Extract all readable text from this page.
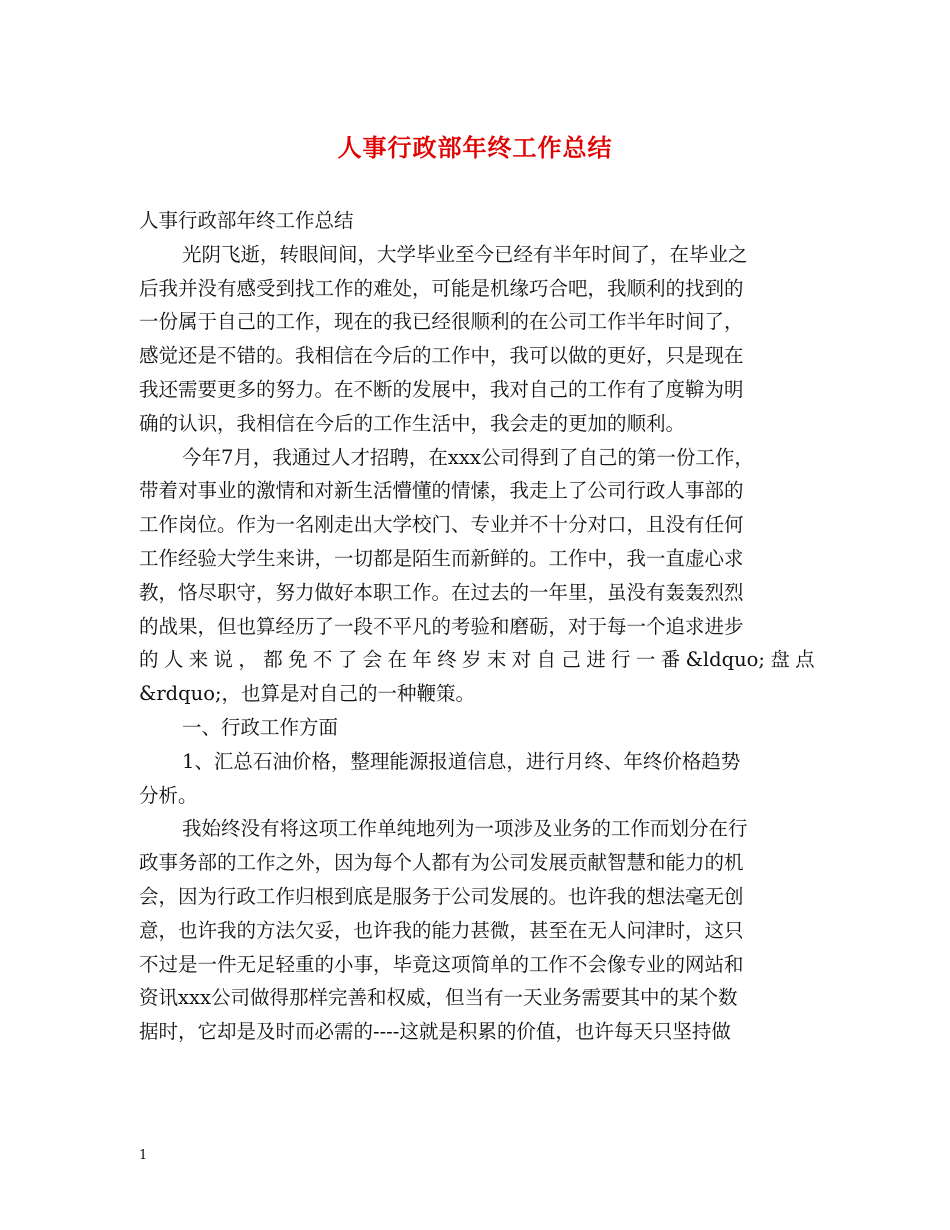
人事行政部年终工作总结
人事行政部年终工作总结
光阴飞逝，转眼间间，大学毕业至今已经有半年时间了，在毕业之
后我并没有感受到找工作的难处，可能是机缘巧合吧，我顺利的找到的
一份属于自己的工作，现在的我已经很顺利的在公司工作半年时间了，
感觉还是不错的。我相信在今后的工作中，我可以做的更好，只是现在
我还需要更多的努力。在不断的发展中，我对自己的工作有了度鞥为明
确的认识，我相信在今后的工作生活中，我会走的更加的顺利。
今年7月，我通过人才招聘，在xxx公司得到了自己的第一份工作，
带着对事业的激情和对新生活懵懂的情愫，我走上了公司行政人事部的
工作岗位。作为一名刚走出大学校门、专业并不十分对口，且没有任何
工作经验大学生来讲，一切都是陌生而新鲜的。工作中，我一直虚心求
教，恪尽职守，努力做好本职工作。在过去的一年里，虽没有轰轰烈烈
的战果，但也算经历了一段不平凡的考验和磨砺，对于每一个追求进步
的 人 来 说 ， 都 免 不 了 会 在 年 终 岁 末 对 自 己 进 行 一 番 &ldquo; 盘 点
&rdquo;，也算是对自己的一种鞭策。
一、行政工作方面
1、汇总石油价格，整理能源报道信息，进行月终、年终价格趋势
分析。
我始终没有将这项工作单纯地列为一项涉及业务的工作而划分在行
政事务部的工作之外，因为每个人都有为公司发展贡献智慧和能力的机
会，因为行政工作归根到底是服务于公司发展的。也许我的想法毫无创
意，也许我的方法欠妥，也许我的能力甚微，甚至在无人问津时，这只
不过是一件无足轻重的小事，毕竟这项简单的工作不会像专业的网站和
资讯xxx公司做得那样完善和权威，但当有一天业务需要其中的某个数
据时，它却是及时而必需的----这就是积累的价值，也许每天只坚持做
1
